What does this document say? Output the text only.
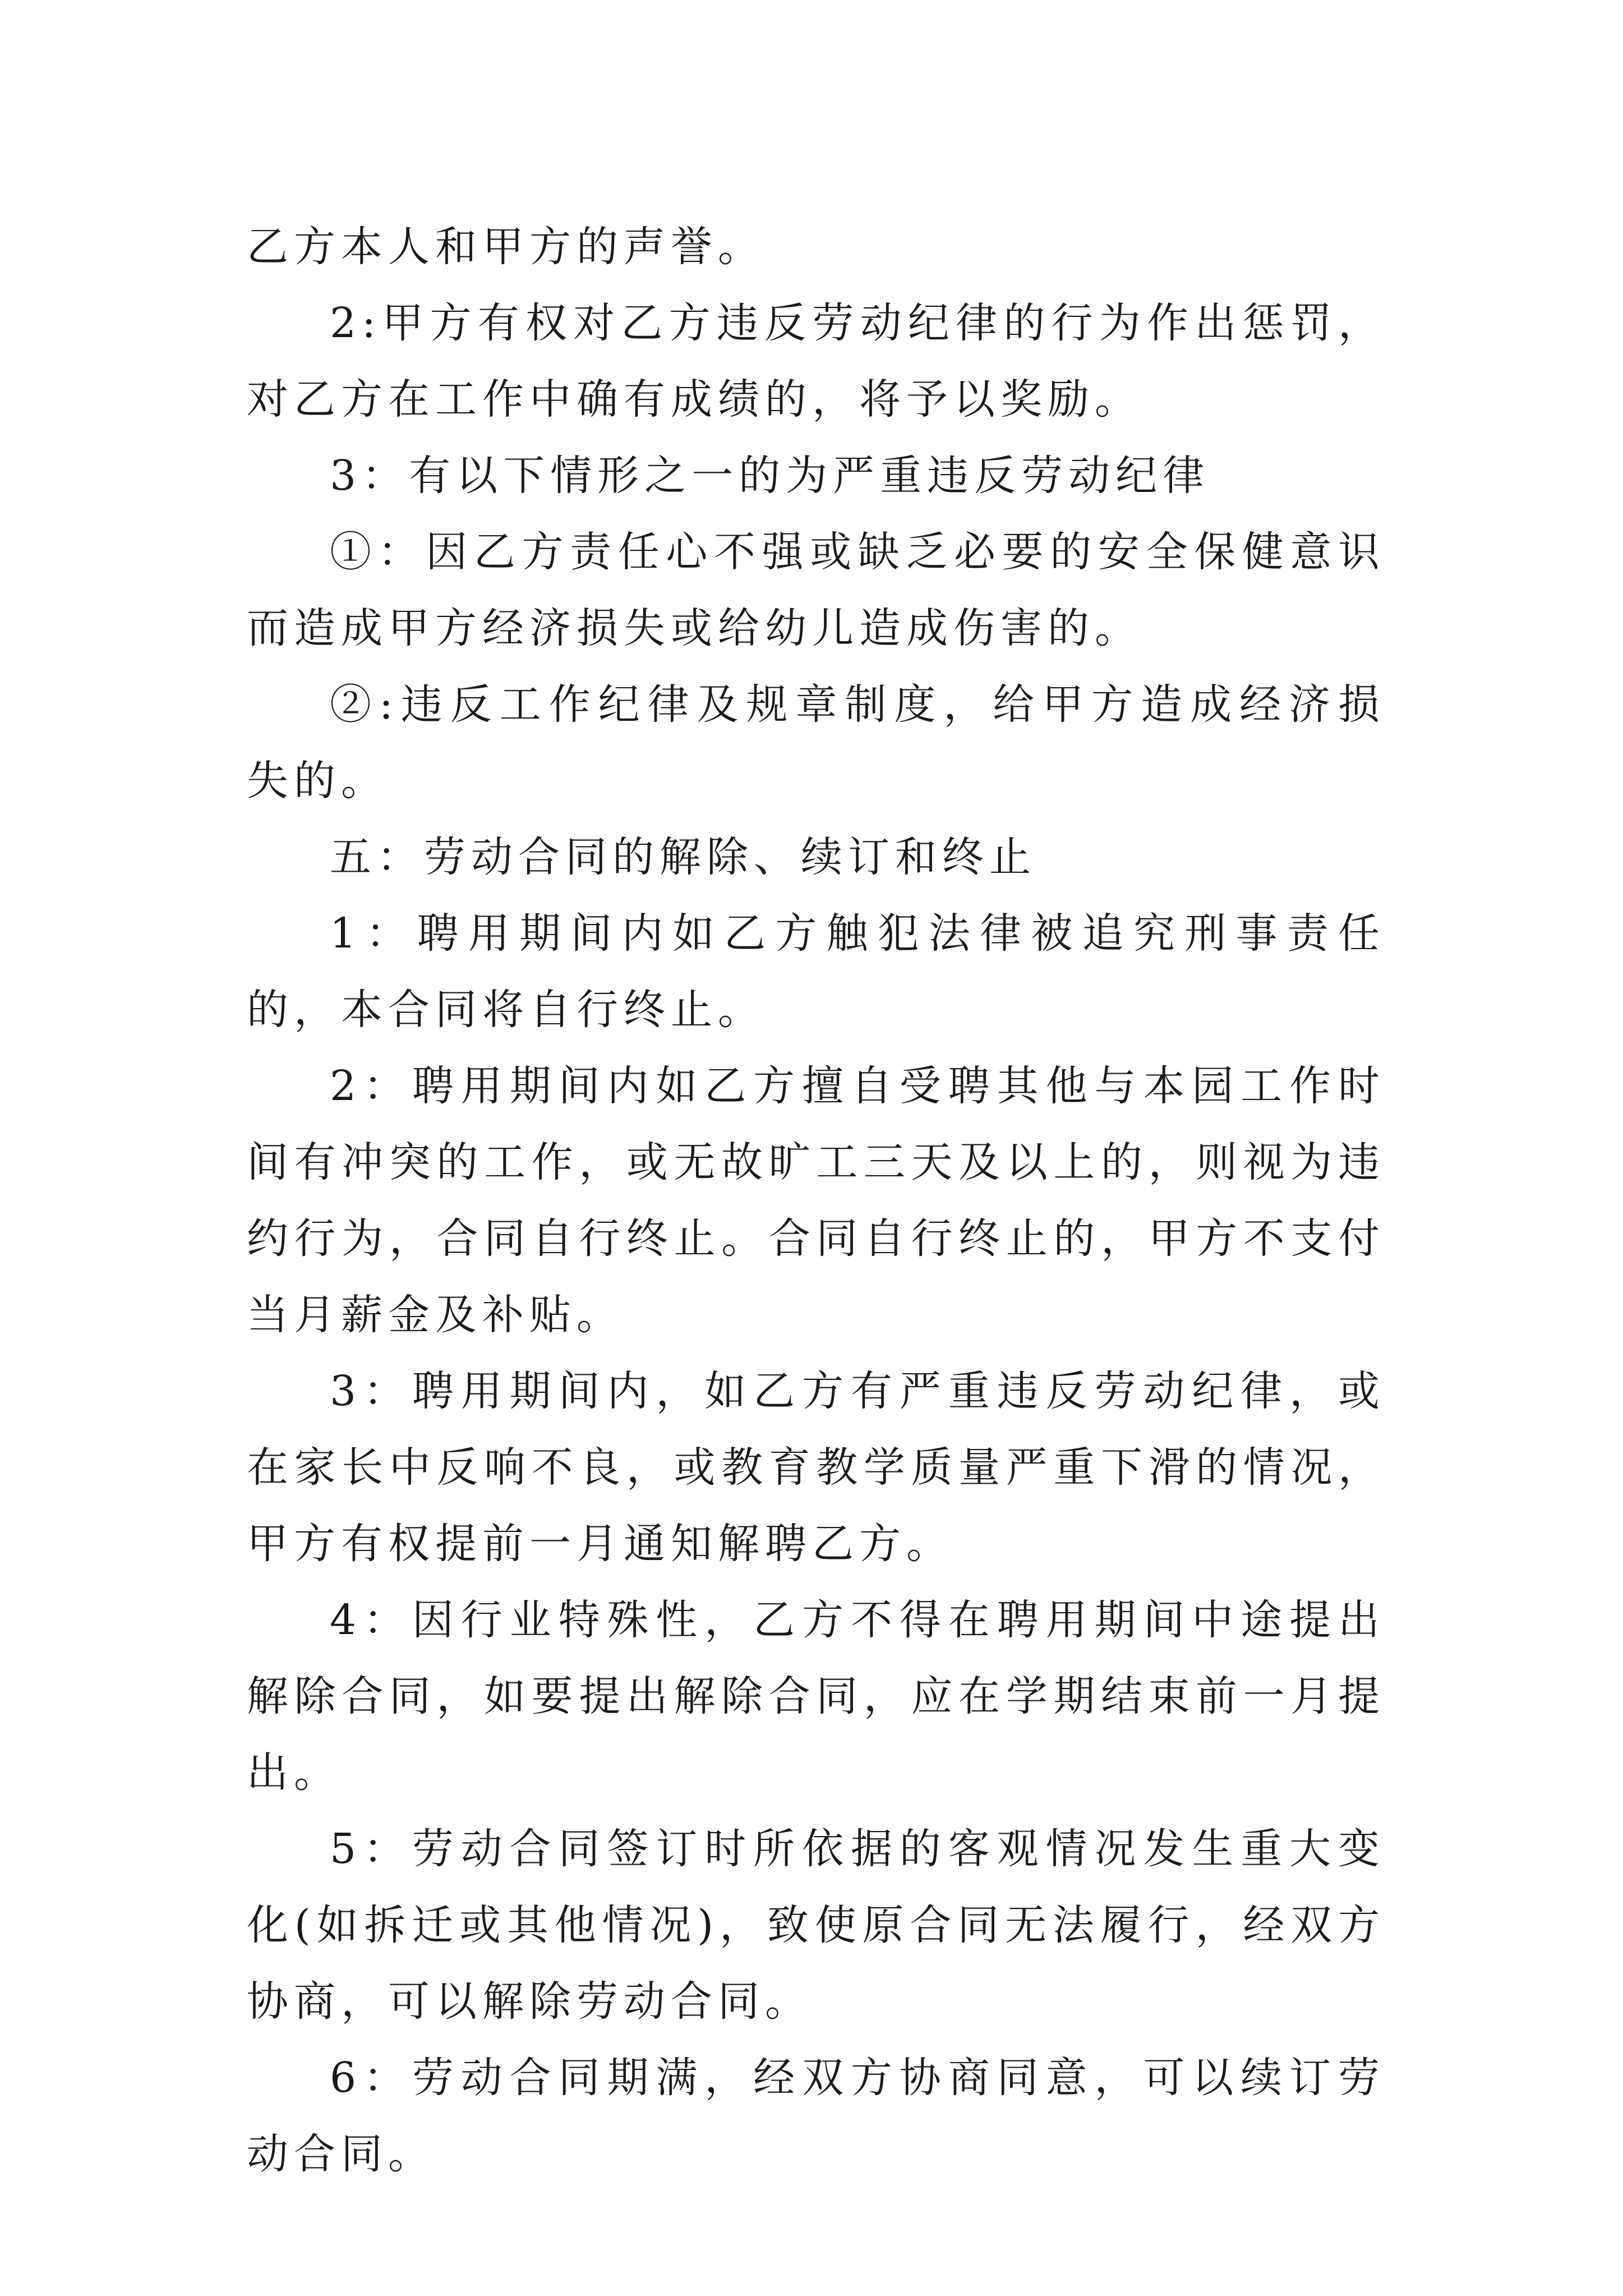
乙方本人和甲方的声誉。

2:甲方有权对乙方违反劳动纪律的行为作出惩罚，对乙方在工作中确有成绩的，将予以奖励。

3：有以下情形之一的为严重违反劳动纪律

①：因乙方责任心不强或缺乏必要的安全保健意识而造成甲方经济损失或给幼儿造成伤害的。

②:违反工作纪律及规章制度，给甲方造成经济损失的。

五：劳动合同的解除、续订和终止

1：聘用期间内如乙方触犯法律被追究刑事责任的，本合同将自行终止。

2：聘用期间内如乙方擅自受聘其他与本园工作时间有冲突的工作，或无故旷工三天及以上的，则视为违约行为，合同自行终止。合同自行终止的，甲方不支付当月薪金及补贴。

3：聘用期间内，如乙方有严重违反劳动纪律，或在家长中反响不良，或教育教学质量严重下滑的情况，甲方有权提前一月通知解聘乙方。

4：因行业特殊性，乙方不得在聘用期间中途提出解除合同，如要提出解除合同，应在学期结束前一月提出。

5：劳动合同签订时所依据的客观情况发生重大变化(如拆迁或其他情况)，致使原合同无法履行，经双方协商，可以解除劳动合同。

6：劳动合同期满，经双方协商同意，可以续订劳动合同。
